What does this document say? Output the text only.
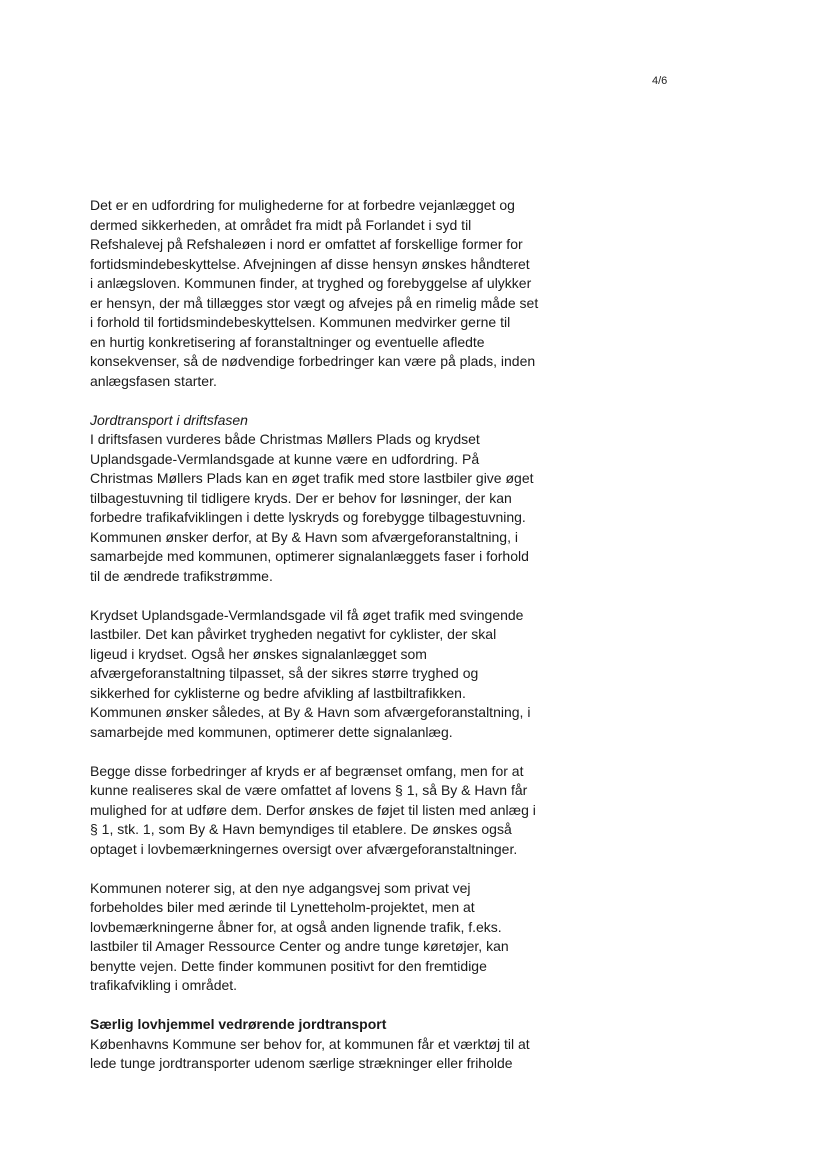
4/6
Det er en udfordring for mulighederne for at forbedre vejanlægget og
dermed sikkerheden, at området fra midt på Forlandet i syd til
Refshalevej på Refshaleøen i nord er omfattet af forskellige former for
fortidsmindebeskyttelse. Afvejningen af disse hensyn ønskes håndteret
i anlægsloven. Kommunen finder, at tryghed og forebyggelse af ulykker
er hensyn, der må tillægges stor vægt og afvejes på en rimelig måde set
i forhold til fortidsmindebeskyttelsen. Kommunen medvirker gerne til
en hurtig konkretisering af foranstaltninger og eventuelle afledte
konsekvenser, så de nødvendige forbedringer kan være på plads, inden
anlægsfasen starter.
Jordtransport i driftsfasen
I driftsfasen vurderes både Christmas Møllers Plads og krydset
Uplandsgade-Vermlandsgade at kunne være en udfordring. På
Christmas Møllers Plads kan en øget trafik med store lastbiler give øget
tilbagestuvning til tidligere kryds. Der er behov for løsninger, der kan
forbedre trafikafviklingen i dette lyskryds og forebygge tilbagestuvning.
Kommunen ønsker derfor, at By & Havn som afværgeforanstaltning, i
samarbejde med kommunen, optimerer signalanlæggets faser i forhold
til de ændrede trafikstrømme.
Krydset Uplandsgade-Vermlandsgade vil få øget trafik med svingende
lastbiler. Det kan påvirket trygheden negativt for cyklister, der skal
ligeud i krydset. Også her ønskes signalanlægget som
afværgeforanstaltning tilpasset, så der sikres større tryghed og
sikkerhed for cyklisterne og bedre afvikling af lastbiltrafikken.
Kommunen ønsker således, at By & Havn som afværgeforanstaltning, i
samarbejde med kommunen, optimerer dette signalanlæg.
Begge disse forbedringer af kryds er af begrænset omfang, men for at
kunne realiseres skal de være omfattet af lovens § 1, så By & Havn får
mulighed for at udføre dem. Derfor ønskes de føjet til listen med anlæg i
§ 1, stk. 1, som By & Havn bemyndiges til etablere. De ønskes også
optaget i lovbemærkningernes oversigt over afværgeforanstaltninger.
Kommunen noterer sig, at den nye adgangsvej som privat vej
forbeholdes biler med ærinde til Lynetteholm-projektet, men at
lovbemærkningerne åbner for, at også anden lignende trafik, f.eks.
lastbiler til Amager Ressource Center og andre tunge køretøjer, kan
benytte vejen. Dette finder kommunen positivt for den fremtidige
trafikafvikling i området.
Særlig lovhjemmel vedrørende jordtransport
Københavns Kommune ser behov for, at kommunen får et værktøj til at
lede tunge jordtransporter udenom særlige strækninger eller friholde
